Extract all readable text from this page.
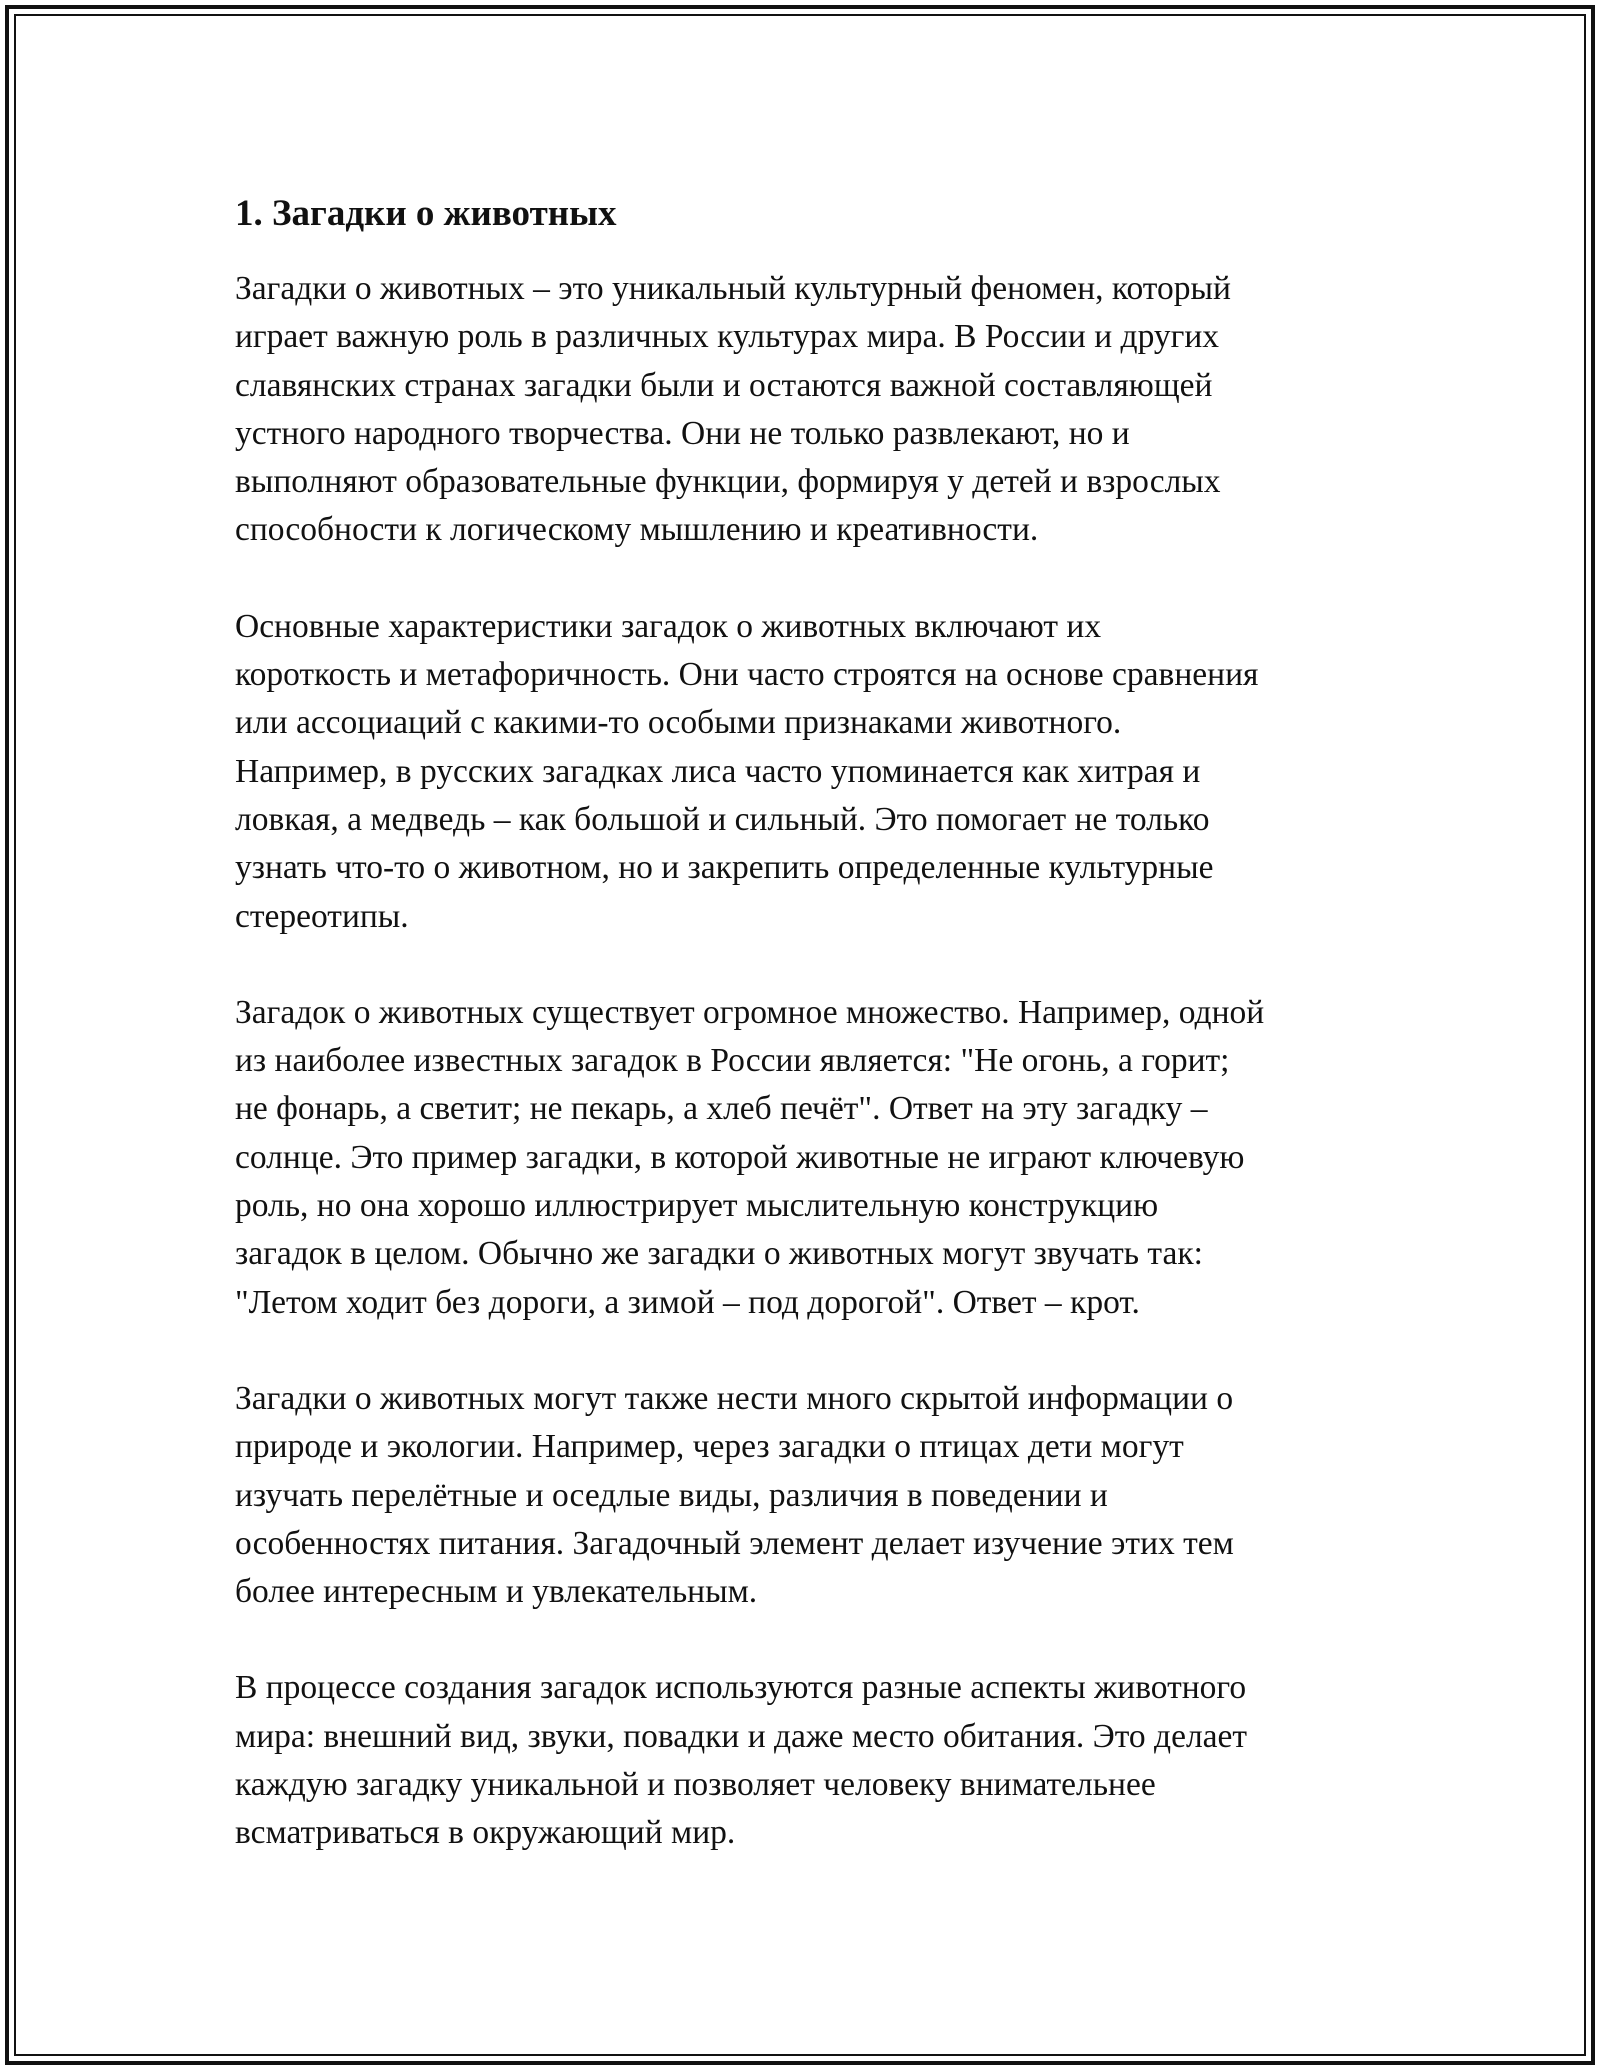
1. Загадки о животных

Загадки о животных – это уникальный культурный феномен, который
играет важную роль в различных культурах мира. В России и других
славянских странах загадки были и остаются важной составляющей
устного народного творчества. Они не только развлекают, но и
выполняют образовательные функции, формируя у детей и взрослых
способности к логическому мышлению и креативности.

Основные характеристики загадок о животных включают их
короткость и метафоричность. Они часто строятся на основе сравнения
или ассоциаций с какими-то особыми признаками животного.
Например, в русских загадках лиса часто упоминается как хитрая и
ловкая, а медведь – как большой и сильный. Это помогает не только
узнать что-то о животном, но и закрепить определенные культурные
стереотипы.

Загадок о животных существует огромное множество. Например, одной
из наиболее известных загадок в России является: "Не огонь, а горит;
не фонарь, а светит; не пекарь, а хлеб печёт". Ответ на эту загадку –
солнце. Это пример загадки, в которой животные не играют ключевую
роль, но она хорошо иллюстрирует мыслительную конструкцию
загадок в целом. Обычно же загадки о животных могут звучать так:
"Летом ходит без дороги, а зимой – под дорогой". Ответ – крот.

Загадки о животных могут также нести много скрытой информации о
природе и экологии. Например, через загадки о птицах дети могут
изучать перелётные и оседлые виды, различия в поведении и
особенностях питания. Загадочный элемент делает изучение этих тем
более интересным и увлекательным.

В процессе создания загадок используются разные аспекты животного
мира: внешний вид, звуки, повадки и даже место обитания. Это делает
каждую загадку уникальной и позволяет человеку внимательнее
всматриваться в окружающий мир.
